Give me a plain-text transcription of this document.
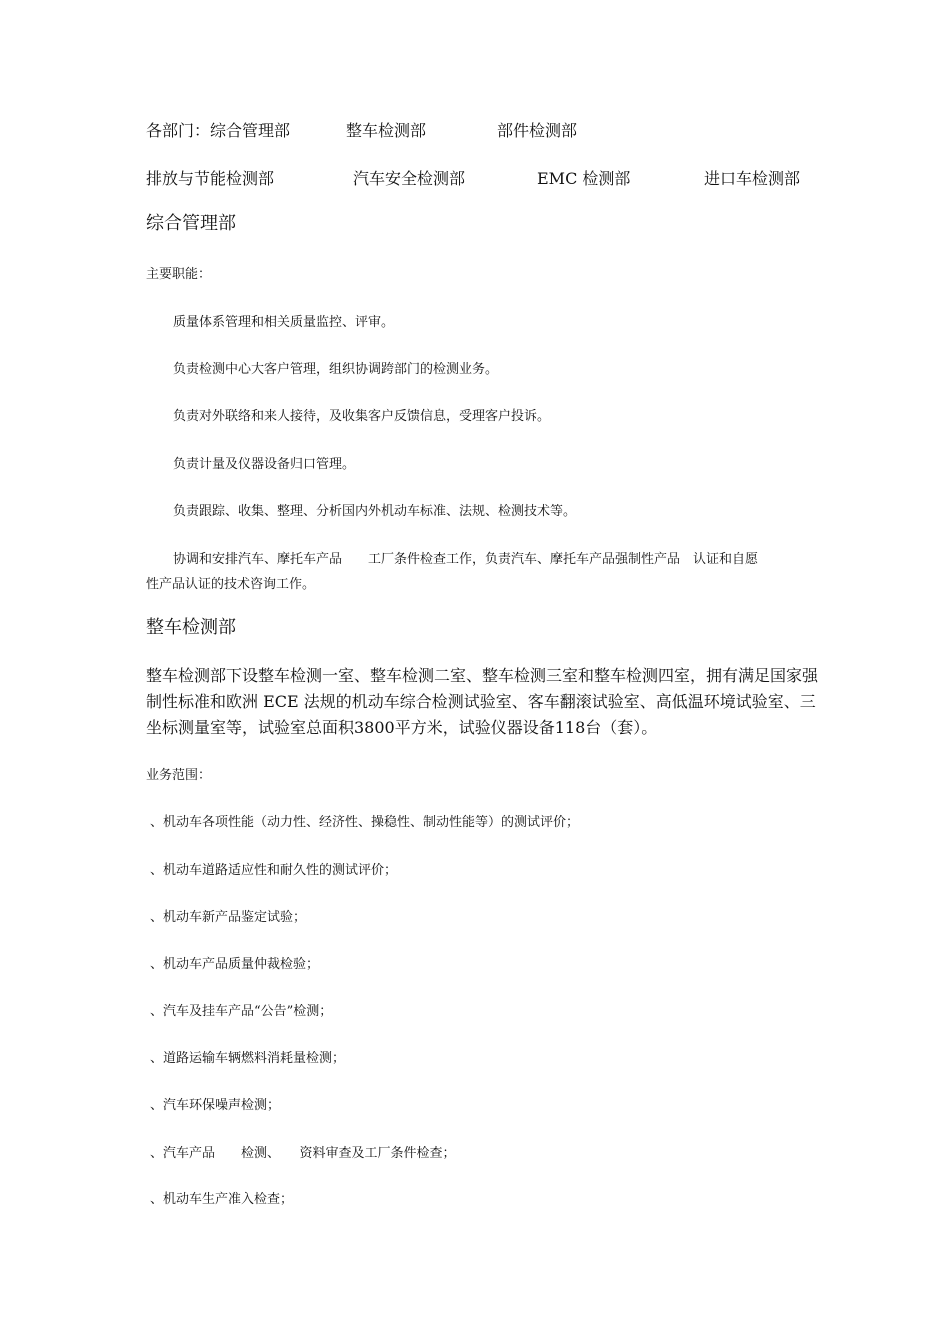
各部门：综合管理部	整车检测部	部件检测部
排放与节能检测部	汽车安全检测部	EMC 检测部	进口车检测部
综合管理部
主要职能：
质量体系管理和相关质量监控、评审。
负责检测中心大客户管理，组织协调跨部门的检测业务。
负责对外联络和来人接待，及收集客户反馈信息，受理客户投诉。
负责计量及仪器设备归口管理。
负责跟踪、收集、整理、分析国内外机动车标准、法规、检测技术等。
协调和安排汽车、摩托车产品　　工厂条件检查工作，负责汽车、摩托车产品强制性产品　认证和自愿
性产品认证的技术咨询工作。
整车检测部
整车检测部下设整车检测一室、整车检测二室、整车检测三室和整车检测四室，拥有满足国家强
制性标准和欧洲 ECE 法规的机动车综合检测试验室、客车翻滚试验室、高低温环境试验室、三
坐标测量室等，试验室总面积3800平方米，试验仪器设备118台（套）。
业务范围：
、机动车各项性能（动力性、经济性、操稳性、制动性能等）的测试评价；
、机动车道路适应性和耐久性的测试评价；
、机动车新产品鉴定试验；
、机动车产品质量仲裁检验；
、汽车及挂车产品“公告”检测；
、道路运输车辆燃料消耗量检测；
、汽车环保噪声检测；
、汽车产品　　检测、　　资料审查及工厂条件检查；
、机动车生产准入检查；
